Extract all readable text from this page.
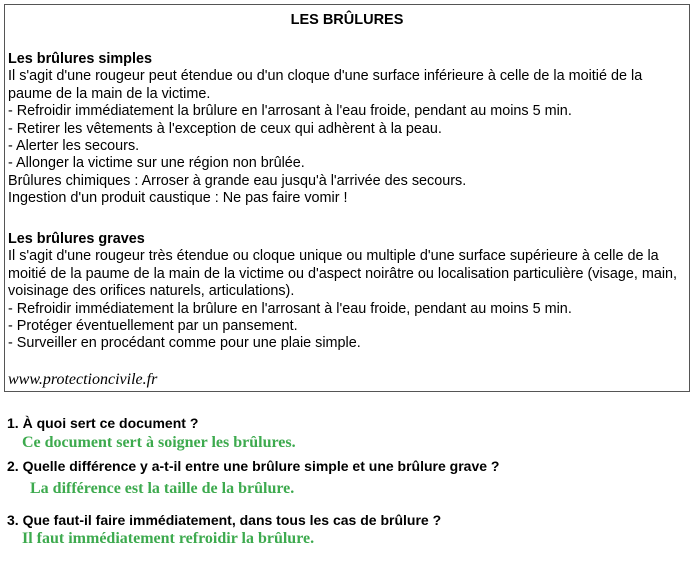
LES BRÛLURES
Les brûlures simples
Il s'agit d'une rougeur peut étendue ou d'un cloque d'une surface inférieure à celle de la moitié de la paume de la main de la victime.
- Refroidir immédiatement la brûlure en l'arrosant à l'eau froide, pendant au moins 5 min.
- Retirer les vêtements à l'exception de ceux qui adhèrent à la peau.
- Alerter les secours.
- Allonger la victime sur une région non brûlée.
Brûlures chimiques : Arroser à grande eau jusqu'à l'arrivée des secours.
Ingestion d'un produit caustique : Ne pas faire vomir !
Les brûlures graves
Il s'agit d'une rougeur très étendue ou cloque unique ou multiple d'une surface supérieure à celle de la moitié de la paume de la main de la victime ou d'aspect noirâtre ou localisation particulière (visage, main, voisinage des orifices naturels, articulations).
- Refroidir immédiatement la brûlure en l'arrosant à l'eau froide, pendant au moins 5 min.
- Protéger éventuellement par un pansement.
- Surveiller en procédant comme pour une plaie simple.
www.protectioncivile.fr
1. À quoi sert ce document ?
Ce document sert à soigner les brûlures.
2. Quelle différence y a-t-il entre une brûlure simple et une brûlure grave ?
La différence est la taille de la brûlure.
3. Que faut-il faire immédiatement, dans tous les cas de brûlure ?
Il faut immédiatement refroidir la brûlure.
